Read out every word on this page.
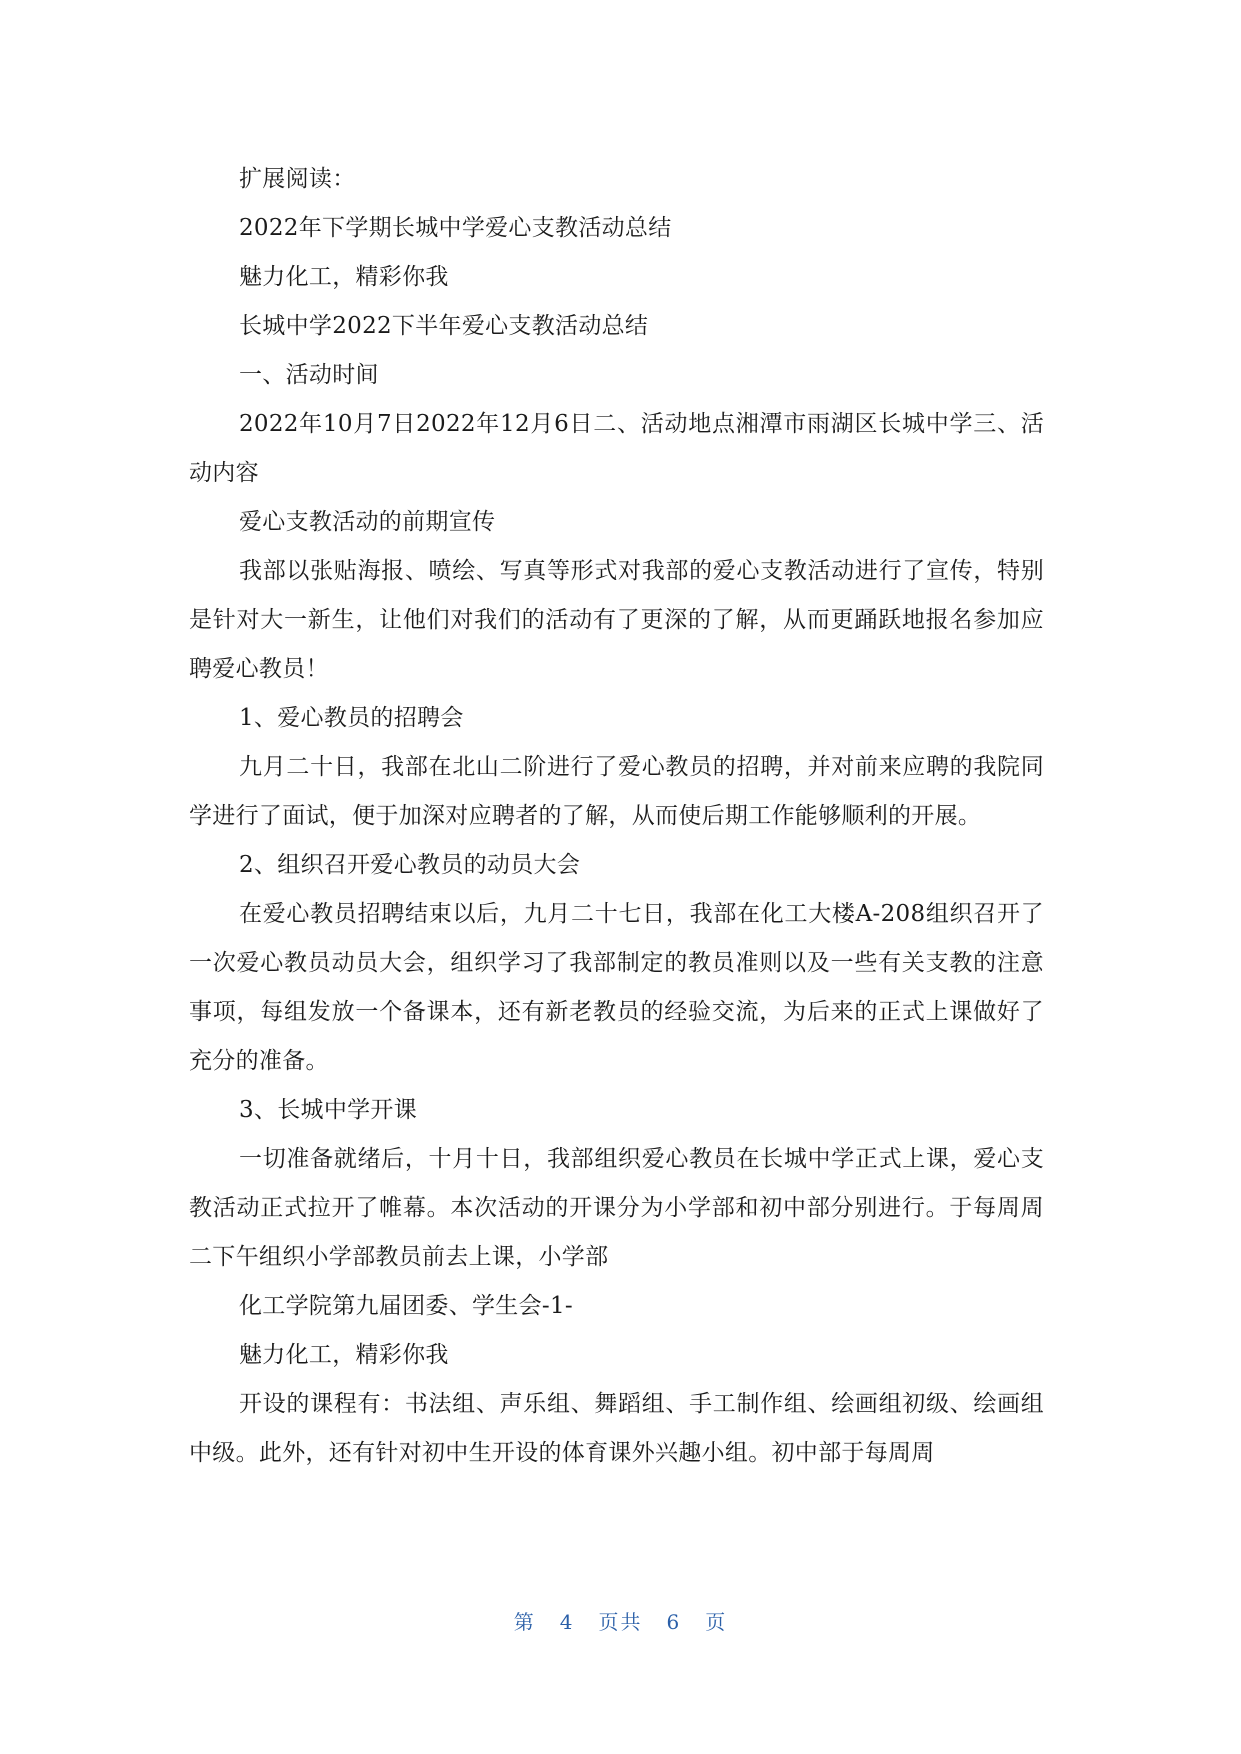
扩展阅读：

2022年下学期长城中学爱心支教活动总结

魅力化工，精彩你我

长城中学2022下半年爱心支教活动总结

一、活动时间

2022年10月7日2022年12月6日二、活动地点湘潭市雨湖区长城中学三、活动内容

爱心支教活动的前期宣传

我部以张贴海报、喷绘、写真等形式对我部的爱心支教活动进行了宣传，特别是针对大一新生，让他们对我们的活动有了更深的了解，从而更踊跃地报名参加应聘爱心教员！

1、爱心教员的招聘会

九月二十日，我部在北山二阶进行了爱心教员的招聘，并对前来应聘的我院同学进行了面试，便于加深对应聘者的了解，从而使后期工作能够顺利的开展。

2、组织召开爱心教员的动员大会

在爱心教员招聘结束以后，九月二十七日，我部在化工大楼A-208组织召开了一次爱心教员动员大会，组织学习了我部制定的教员准则以及一些有关支教的注意事项，每组发放一个备课本，还有新老教员的经验交流，为后来的正式上课做好了充分的准备。

3、长城中学开课

一切准备就绪后，十月十日，我部组织爱心教员在长城中学正式上课，爱心支教活动正式拉开了帷幕。本次活动的开课分为小学部和初中部分别进行。于每周周二下午组织小学部教员前去上课，小学部

化工学院第九届团委、学生会-1-

魅力化工，精彩你我

开设的课程有：书法组、声乐组、舞蹈组、手工制作组、绘画组初级、绘画组中级。此外，还有针对初中生开设的体育课外兴趣小组。初中部于每周周

第 4 页共 6 页
